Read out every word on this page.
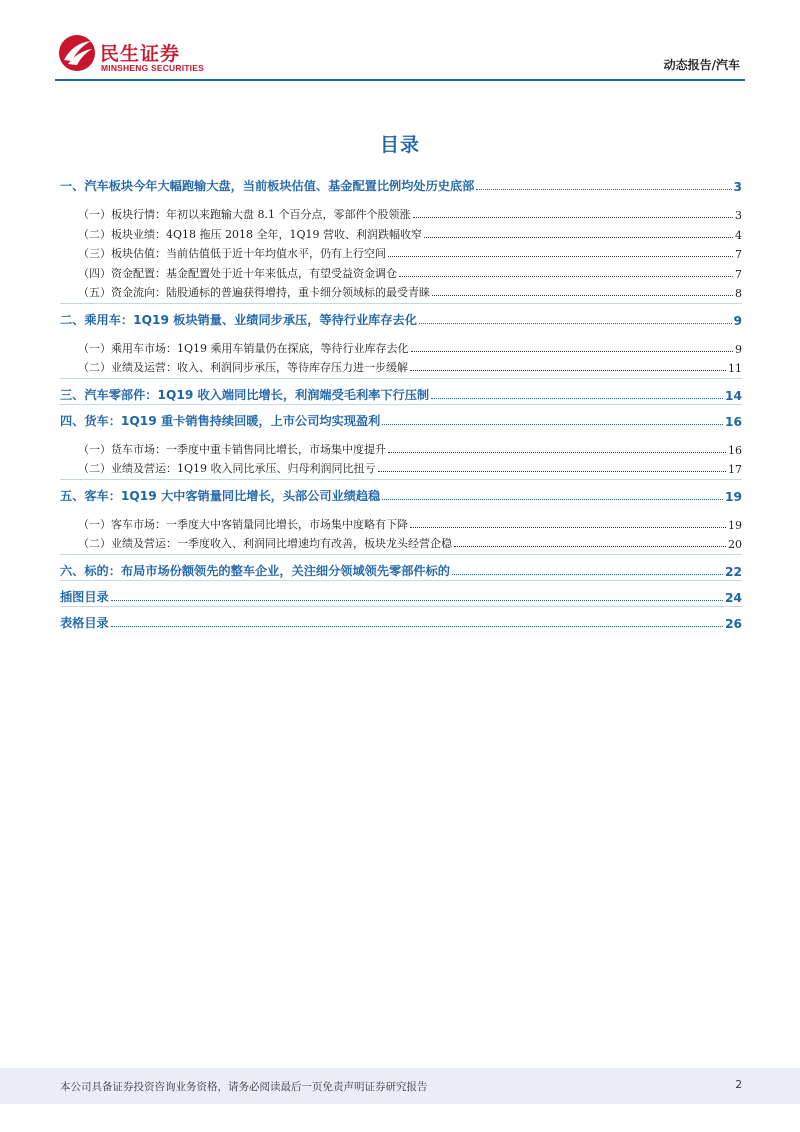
民生证券
MINSHENG SECURITIES	动态报告/汽车
目录
一、汽车板块今年大幅跑输大盘，当前板块估值、基金配置比例均处历史底部	3
（一）板块行情：年初以来跑输大盘 8.1 个百分点，零部件个股领涨	3
（二）板块业绩：4Q18 拖压 2018 全年，1Q19 营收、利润跌幅收窄	4
（三）板块估值：当前估值低于近十年均值水平，仍有上行空间	7
（四）资金配置：基金配置处于近十年来低点，有望受益资金调仓	7
（五）资金流向：陆股通标的普遍获得增持，重卡细分领域标的最受青睐	8
二、乘用车：1Q19 板块销量、业绩同步承压，等待行业库存去化	9
（一）乘用车市场：1Q19 乘用车销量仍在探底，等待行业库存去化	9
（二）业绩及运营：收入、利润同步承压，等待库存压力进一步缓解	11
三、汽车零部件：1Q19 收入端同比增长，利润端受毛利率下行压制	14
四、货车：1Q19 重卡销售持续回暖，上市公司均实现盈利	16
（一）货车市场：一季度中重卡销售同比增长，市场集中度提升	16
（二）业绩及营运：1Q19 收入同比承压、归母利润同比扭亏	17
五、客车：1Q19 大中客销量同比增长，头部公司业绩趋稳	19
（一）客车市场：一季度大中客销量同比增长，市场集中度略有下降	19
（二）业绩及营运：一季度收入、利润同比增速均有改善，板块龙头经营企稳	20
六、标的：布局市场份额领先的整车企业，关注细分领域领先零部件标的	22
插图目录	24
表格目录	26
本公司具备证券投资咨询业务资格，请务必阅读最后一页免责声明证券研究报告	2
